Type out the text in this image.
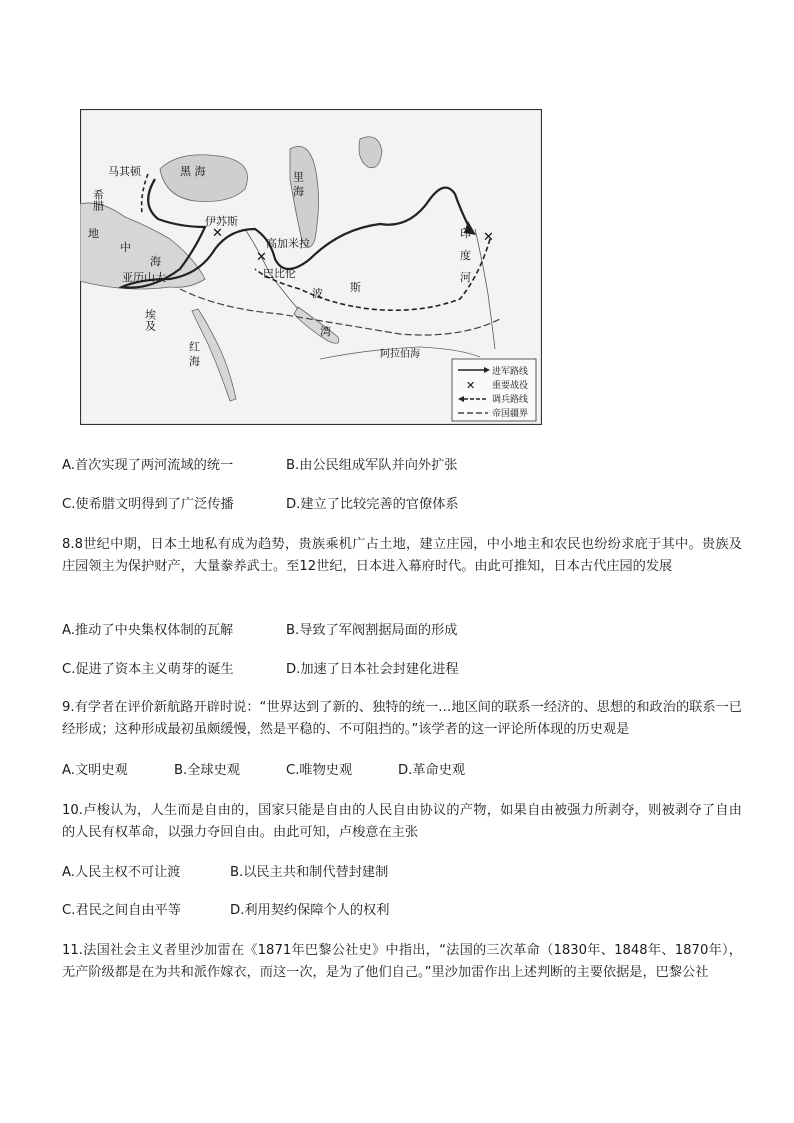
✕
✕
✕
马其顿	黑 海	里 海
希腊
地
中
海
伊苏斯
高加米拉
巴比伦
亚历山大
埃及
红 海
波 斯
湾
印
度
河
阿拉伯海
进军路线
✕ 重要战役
调兵路线
帝国疆界
A.首次实现了两河流域的统一	B.由公民组成军队并向外扩张
C.使希腊文明得到了广泛传播	D.建立了比较完善的官僚体系
8.8世纪中期，日本土地私有成为趋势，贵族乘机广占土地，建立庄园，中小地主和农民也纷纷求庇于其中。贵族及庄园领主为保护财产，大量豢养武士。至12世纪，日本进入幕府时代。由此可推知，日本古代庄园的发展
A.推动了中央集权体制的瓦解	B.导致了军阀割据局面的形成
C.促进了资本主义萌芽的诞生	D.加速了日本社会封建化进程
9.有学者在评价新航路开辟时说：“世界达到了新的、独特的统一…地区间的联系一经济的、思想的和政治的联系一已经形成；这种形成最初虽颇缓慢，然是平稳的、不可阻挡的。”该学者的这一评论所体现的历史观是
A.文明史观	B.全球史观	C.唯物史观	D.革命史观
10.卢梭认为，人生而是自由的，国家只能是自由的人民自由协议的产物，如果自由被强力所剥夺，则被剥夺了自由的人民有权革命，以强力夺回自由。由此可知，卢梭意在主张
A.人民主权不可让渡	B.以民主共和制代替封建制
C.君民之间自由平等	D.利用契约保障个人的权利
11.法国社会主义者里沙加雷在《1871年巴黎公社史》中指出，“法国的三次革命（1830年、1848年、1870年），无产阶级都是在为共和派作嫁衣，而这一次，是为了他们自己。”里沙加雷作出上述判断的主要依据是，巴黎公社
